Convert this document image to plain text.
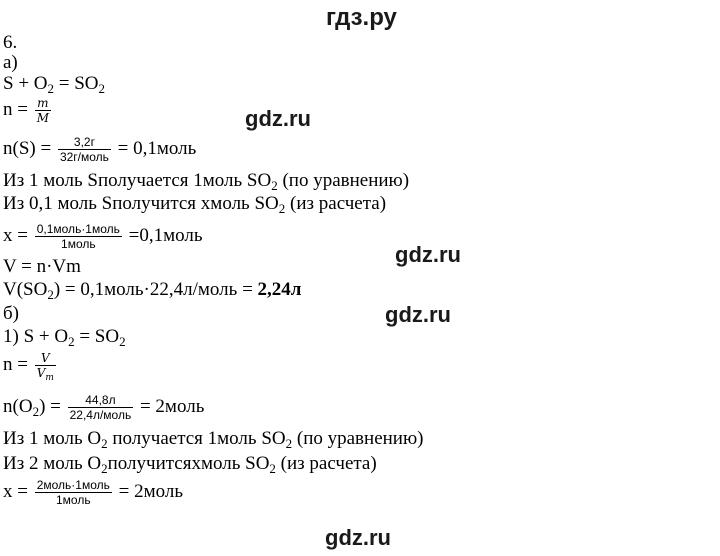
гдз.ру
gdz.ru
gdz.ru
gdz.ru
gdz.ru
6.
а)
$S + O_2 = SO_2$
$n = \frac{m}{M}$
$n(S) = \frac{3,2г}{\text{32г/моль}}$ = 0,1моль
Из 1 моль Sполучается 1моль $SO_2$ (по уравнению)
Из 0,1 моль Sполучится xмоль $SO_2$ (из расчета)
$x = \frac{\text{0,1моль·1моль}}{\text{1моль}}$ =0,1моль
V = n·Vm
$V(SO_2)$ = 0,1моль·22,4л/моль = 2,24л
б)
1) $S + O_2 = SO_2$
$n = \frac{V}{V_m}$
$n(O_2) = \frac{44,8л}{\text{22,4л/моль}}$ = 2моль
Из 1 моль $O_2$ получается 1моль $SO_2$ (по уравнению)
Из 2 моль $O_2получитсяxмоль$ $SO_2$ (из расчета)
$x = \frac{\text{2моль·1моль}}{\text{1моль}}$ = 2моль
